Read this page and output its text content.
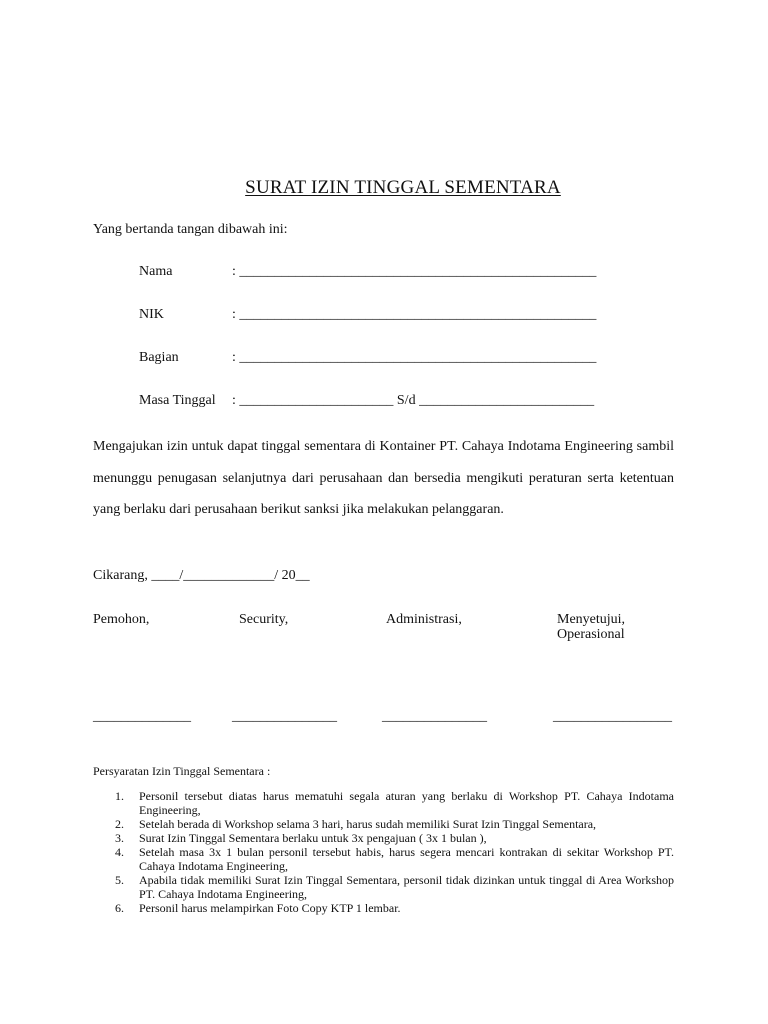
SURAT IZIN TINGGAL SEMENTARA
Yang bertanda tangan dibawah ini:
Nama	: ___________________________________________________
NIK	: ___________________________________________________
Bagian	: ___________________________________________________
Masa Tinggal : ______________________ S/d _________________________
Mengajukan izin untuk dapat tinggal sementara di Kontainer PT. Cahaya Indotama Engineering sambil menunggu penugasan selanjutnya dari perusahaan dan bersedia mengikuti peraturan serta ketentuan yang berlaku dari perusahaan berikut sanksi jika melakukan pelanggaran.
Cikarang, ____/_____________/ 20__
Pemohon,	Security,	Administrasi,	Menyetujui,
Operasional
______________	_______________	_______________	_________________
Persyaratan Izin Tinggal Sementara :
1. Personil tersebut diatas harus mematuhi segala aturan yang berlaku di Workshop PT. Cahaya Indotama Engineering,
2. Setelah berada di Workshop selama 3 hari, harus sudah memiliki Surat Izin Tinggal Sementara,
3. Surat Izin Tinggal Sementara berlaku untuk 3x pengajuan ( 3x 1 bulan ),
4. Setelah masa 3x 1 bulan personil tersebut habis, harus segera mencari kontrakan di sekitar Workshop PT. Cahaya Indotama Engineering,
5. Apabila tidak memiliki Surat Izin Tinggal Sementara, personil tidak dizinkan untuk tinggal di Area Workshop PT. Cahaya Indotama Engineering,
6. Personil harus melampirkan Foto Copy KTP 1 lembar.
